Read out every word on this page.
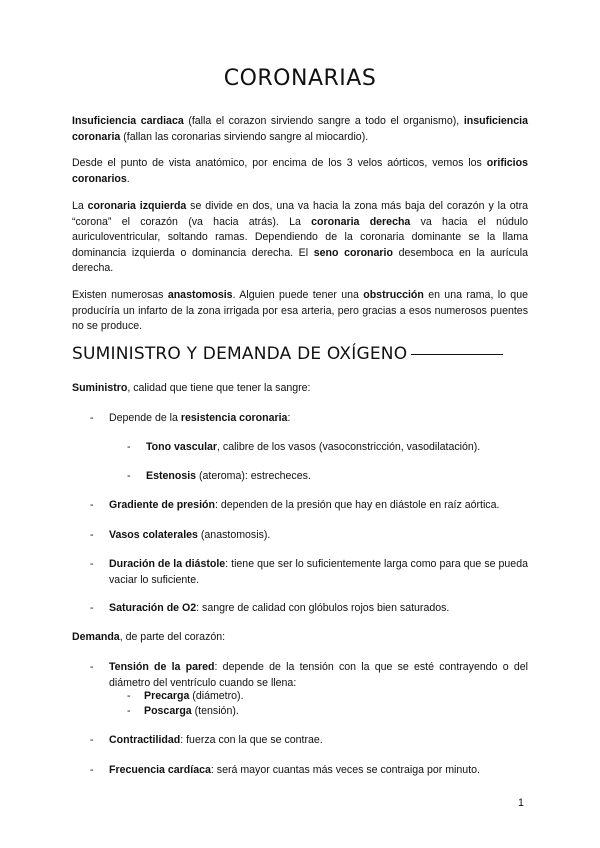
CORONARIAS

Insuficiencia cardiaca (falla el corazon sirviendo sangre a todo el organismo), insuficiencia coronaria (fallan las coronarias sirviendo sangre al miocardio).

Desde el punto de vista anatómico, por encima de los 3 velos aórticos, vemos los orificios coronarios.

La coronaria izquierda se divide en dos, una va hacia la zona más baja del corazón y la otra “corona” el corazón (va hacia atrás). La coronaria derecha va hacia el núdulo auriculoventricular, soltando ramas. Dependiendo de la coronaria dominante se la llama dominancia izquierda o dominancia derecha. El seno coronario desemboca en la aurícula derecha.

Existen numerosas anastomosis. Alguien puede tener una obstrucción en una rama, lo que producíría un infarto de la zona irrigada por esa arteria, pero gracias a esos numerosos puentes no se produce.

SUMINISTRO Y DEMANDA DE OXÍGENO

Suministro, calidad que tiene que tener la sangre:

- Depende de la resistencia coronaria:
- Tono vascular, calibre de los vasos (vasoconstricción, vasodilatación).
- Estenosis (ateroma): estrecheces.
- Gradiente de presión: dependen de la presión que hay en diástole en raíz aórtica.
- Vasos colaterales (anastomosis).
- Duración de la diástole: tiene que ser lo suficientemente larga como para que se pueda vaciar lo suficiente.
- Saturación de O2: sangre de calidad con glóbulos rojos bien saturados.

Demanda, de parte del corazón:

- Tensión de la pared: depende de la tensión con la que se esté contrayendo o del diámetro del ventrículo cuando se llena:
- Precarga (diámetro).
- Poscarga (tensión).
- Contractilidad: fuerza con la que se contrae.
- Frecuencia cardíaca: será mayor cuantas más veces se contraiga por minuto.
1
